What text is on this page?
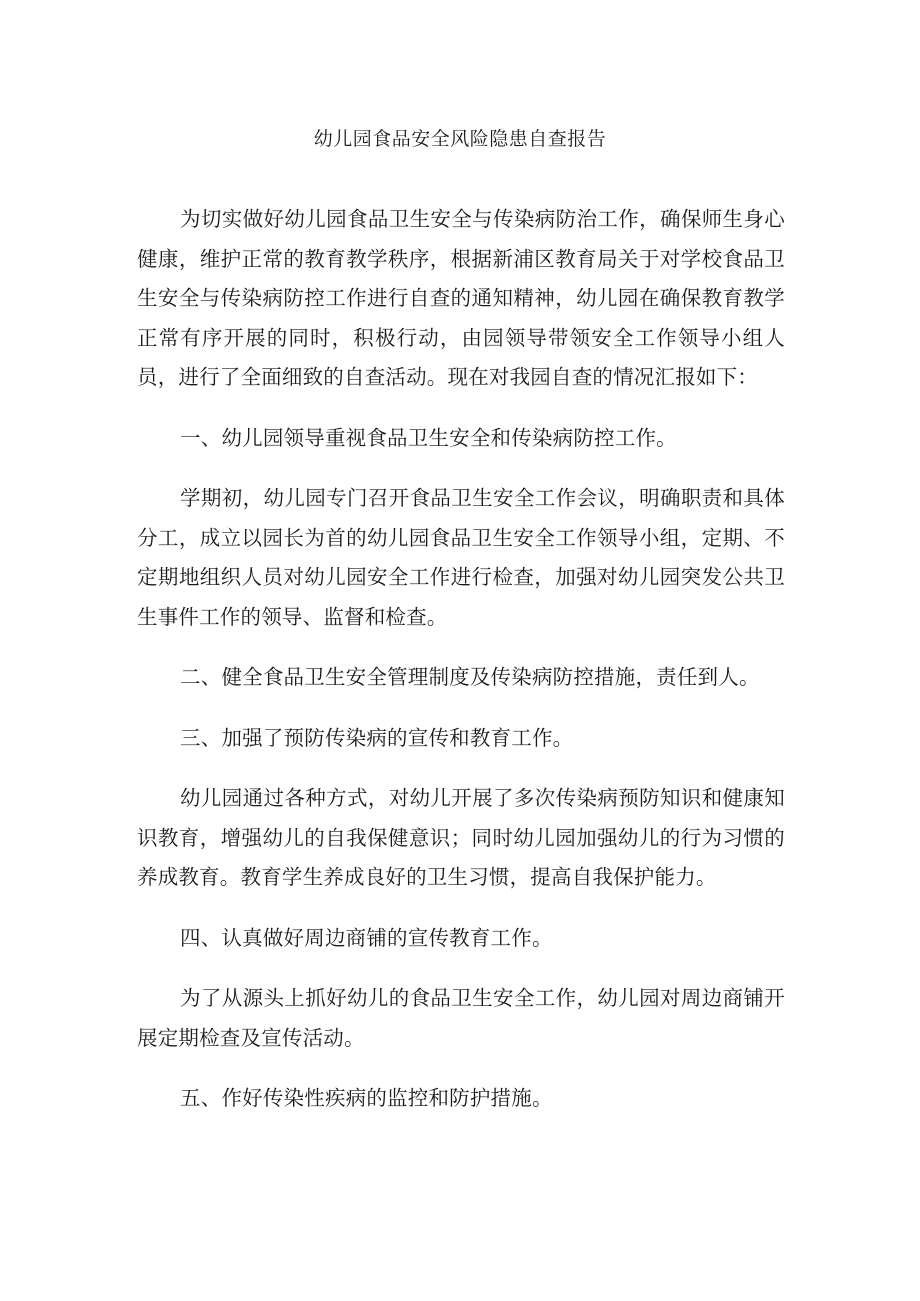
幼儿园食品安全风险隐患自查报告

为切实做好幼儿园食品卫生安全与传染病防治工作，确保师生身心健康，维护正常的教育教学秩序，根据新浦区教育局关于对学校食品卫生安全与传染病防控工作进行自查的通知精神，幼儿园在确保教育教学正常有序开展的同时，积极行动，由园领导带领安全工作领导小组人员，进行了全面细致的自查活动。现在对我园自查的情况汇报如下：

一、幼儿园领导重视食品卫生安全和传染病防控工作。

学期初，幼儿园专门召开食品卫生安全工作会议，明确职责和具体分工，成立以园长为首的幼儿园食品卫生安全工作领导小组，定期、不定期地组织人员对幼儿园安全工作进行检查，加强对幼儿园突发公共卫生事件工作的领导、监督和检查。

二、健全食品卫生安全管理制度及传染病防控措施，责任到人。

三、加强了预防传染病的宣传和教育工作。

幼儿园通过各种方式，对幼儿开展了多次传染病预防知识和健康知识教育，增强幼儿的自我保健意识；同时幼儿园加强幼儿的行为习惯的养成教育。教育学生养成良好的卫生习惯，提高自我保护能力。

四、认真做好周边商铺的宣传教育工作。

为了从源头上抓好幼儿的食品卫生安全工作，幼儿园对周边商铺开展定期检查及宣传活动。

五、作好传染性疾病的监控和防护措施。
